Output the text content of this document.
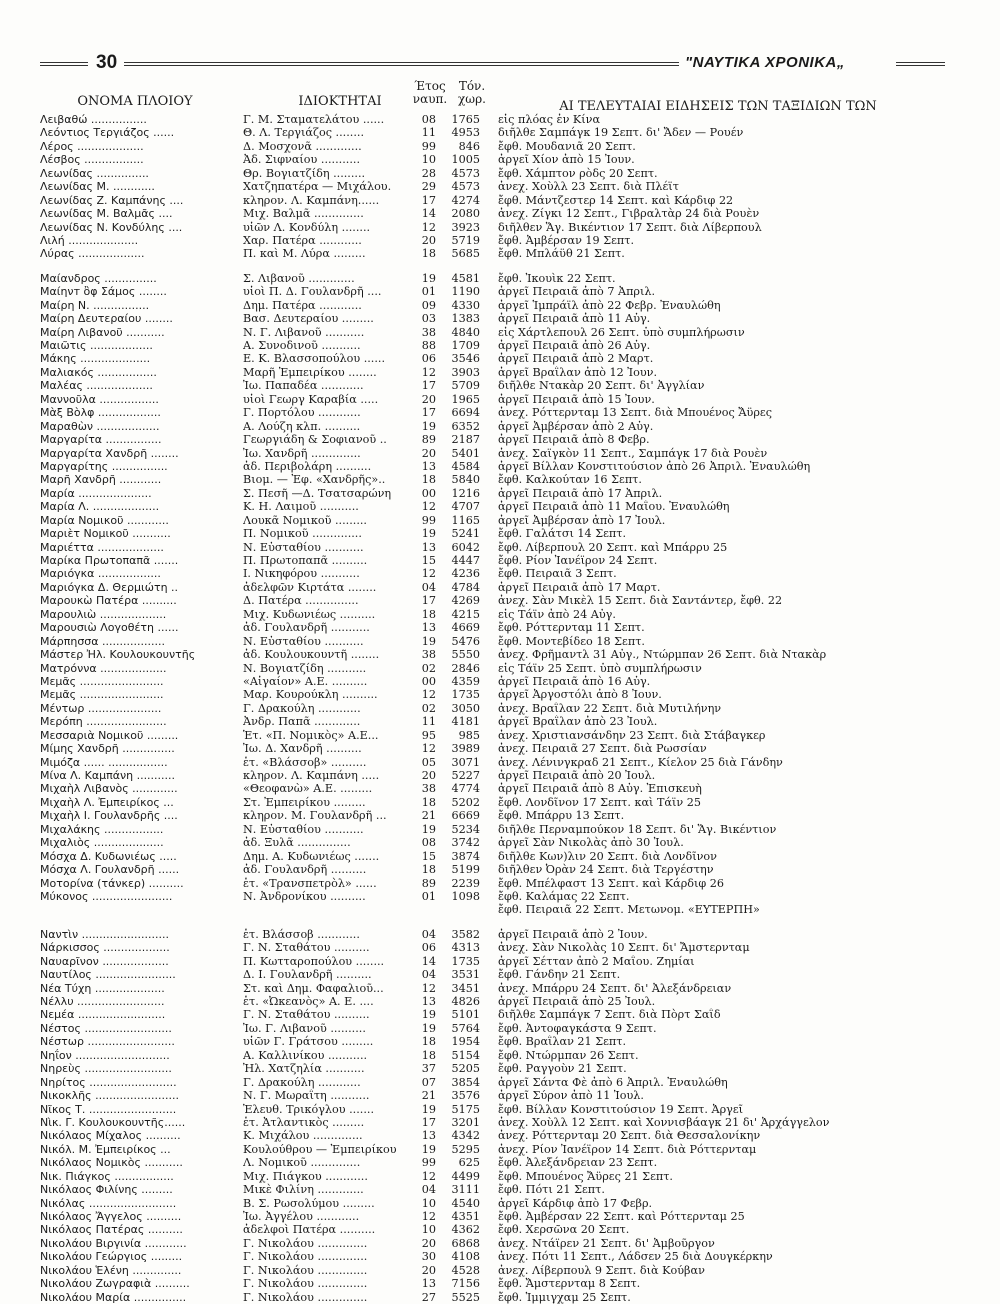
30	"ΝΑΥΤΙΚΑ ΧΡΟΝΙΚΑ„
ΟΝΟΜΑ ΠΛΟΙΟΥ	ΙΔΙΟΚΤΗΤΑΙ
Έτος
ναυπ.
Τόν.
χωρ.	ΑΙ ΤΕΛΕΥΤΑΙΑΙ ΕΙΔΗΣΕΙΣ ΤΩΝ ΤΑΞΙΔΙΩΝ ΤΩΝ
Λειβαθώ ................	Γ. Μ. Σταματελάτου ......	08	1765 εἰς πλόας ἐν Κίνα
Λεόντιος Τεργιάζος ......	Θ. Λ. Τεργιάζος ........	11	4953 διῆλθε Σαμπάγκ 19 Σεπτ. δι' Ἄδεν — Ρουέν
Λέρος ...................	Δ. Μοσχονᾶ .............	99	846 ἔφθ. Μουδανιᾶ 20 Σεπτ.
Λέσβος .................	Ἀδ. Σιφναίου ...........	10	1005 ἀργεῖ Χίον ἀπὸ 15 Ἰουν.
Λεωνίδας ...............	Θρ. Βογιατζίδη .........	28	4573 ἔφθ. Χάμπτον ρὸδς 20 Σεπτ.
Λεωνίδας Μ. ............	Χατζηπατέρα — Μιχάλου.	29	4573 ἀνεχ. Χοὺλλ 23 Σεπτ. διὰ Πλέϊτ
Λεωνίδας Ζ. Καμπάνης ....	κληρον. Λ. Καμπάνη......	17	4274 ἔφθ. Μάντζεστερ 14 Σεπτ. καὶ Κάρδιφ 22
Λεωνίδας Μ. Βαλμᾶς ....	Μιχ. Βαλμᾶ ..............	14	2080 ἀνεχ. Ζίγκι 12 Σεπτ., Γιβραλτὰρ 24 διὰ Ρουὲν
Λεωνίδας Ν. Κονδύλης ....	υἱῶν Λ. Κονδύλη ........	12	3923 διῆλθεν Ἅγ. Βικέντιον 17 Σεπτ. διὰ Λίβερπουλ
Λιλή ....................	Χαρ. Πατέρα ............	20	5719 ἔφθ. Ἀμβέρσαν 19 Σεπτ.
Λύρας ...................	Π. καὶ Μ. Λύρα .........	18	5685 ἔφθ. Μπλάϋθ 21 Σεπτ.
Μαίανδρος ...............	Σ. Λιβανοῦ .............	19	4581 ἔφθ. Ἰκουὶκ 22 Σεπτ.
Μαίηνт ὂφ Σάμος ........	υἱοὶ Π. Δ. Γουλανδρῆ ....	01	1190 ἀργεῖ Πειραιᾶ ἀπὸ 7 Ἀπριλ.
Μαίρη Ν. ................	Δημ. Πατέρα ............	09	4330 ἀργεῖ Ἱμπράϊλ ἀπὸ 22 Φεβρ. Ἐναυλώθη
Μαίρη Δευτεραίου ........	Βασ. Δευτεραίου .........	03	1383 ἀργεῖ Πειραιᾶ ἀπὸ 11 Αὐγ.
Μαίρη Λιβανοῦ ...........	Ν. Γ. Λιβανοῦ ...........	38	4840 εἰς Χάρτλεπουλ 26 Σεπτ. ὑπὸ συμπλήρωσιν
Μαιῶτις ..................	Α. Συνοδινοῦ ...........	88	1709 ἀργεῖ Πειραιᾶ ἀπὸ 26 Αὐγ.
Μάκης ....................	Ε. Κ. Βλασσοπούλου ......	06	3546 ἀργεῖ Πειραιᾶ ἀπὸ 2 Μαρτ.
Μαλιακός .................	Μαρῆ Ἐμπειρίκου ........	12	3903 ἀργεῖ Βραΐλαν ἀπὸ 12 Ἰουν.
Μαλέας ...................	Ἰω. Παπαδέα ............	17	5709 διῆλθε Ντακὰρ 20 Σεπτ. δι' Ἀγγλίαν
Μαννοῦλα .................	υἱοὶ Γεωργ Καραβία .....	20	1965 ἀργεῖ Πειραιᾶ ἀπὸ 15 Ἰουν.
Μὰξ Βὸλφ ..................	Γ. Πορτόλου ............	17	6694 ἀνεχ. Ρόττερνταμ 13 Σεπτ. διὰ Μπουένος Ἄϋρες
Μαραθὼν ..................	Α. Λούζη κλπ. ..........	19	6352 ἀργεῖ Ἀμβέρσαν ἀπὸ 2 Αὐγ.
Μαργαρίτα ................	Γεωργιάδη & Σοφιανοῦ ..	89	2187 ἀργεῖ Πειραιᾶ ἀπὸ 8 Φεβρ.
Μαργαρίτα Χανδρῆ ........	Ἰω. Χανδρῆ ..............	20	5401 ἀνεχ. Σαϊγκὸν 11 Σεπτ., Σαμπάγκ 17 διὰ Ρουὲν
Μαργαρίτης ................	ἀδ. Περιβολάρη ..........	13	4584 ἀργεῖ Βίλλαν Κονστιτούσιον ἀπὸ 26 Ἀπριλ. Ἐναυλώθη
Μαρῆ Χανδρῆ ............	Βιομ. — Ἐφ. «Χανδρῆς»..	18	5840 ἔφθ. Καλκούταν 16 Σεπτ.
Μαρία .....................	Σ. Πεσῆ —Δ. Τσατσαρώνη	00	1216 ἀργεῖ Πειραιᾶ ἀπὸ 17 Ἀπριλ.
Μαρία Λ. ...................	Κ. Η. Λαιμοῦ ...........	12	4707 ἀργεῖ Πειραιᾶ ἀπὸ 11 Μαΐου. Ἐναυλώθη
Μαρία Νομικοῦ ............	Λουκᾶ Νομικοῦ .........	99	1165 ἀργεῖ Ἀμβέρσαν ἀπὸ 17 Ἰουλ.
Μαριὲτ Νομικοῦ ...........	Π. Νομικοῦ ..............	19	5241 ἔφθ. Γαλάτσι 14 Σεπτ.
Μαριέττα ...................	Ν. Εὐσταθίου ...........	13	6042 ἔφθ. Λίβερπουλ 20 Σεπτ. καὶ Μπάρρυ 25
Μαρίκα Πρωτοπαπᾶ .......	Π. Πρωτοπαπᾶ ..........	15	4447 ἔφθ. Ρίον Ἰανέϊρον 24 Σεπτ.
Μαριόγκα ..................	Ι. Νικηφόρου ...........	12	4236 ἔφθ. Πειραιᾶ 3 Σεπτ.
Μαριόγκα Δ. Θερμιώτη ..	ἀδελφῶν Κιρτάτα ........	04	4784 ἀργεῖ Πειραιᾶ ἀπὸ 17 Μαρτ.
Μαρουκὼ Πατέρα ..........	Δ. Πατέρα ...............	17	4269 ἀνεχ. Σὰν Μικὲλ 15 Σεπτ. διὰ Σαντάντερ, ἔφθ. 22
Μαρουλιὼ ...................	Μιχ. Κυδωνιέως ..........	18	4215 εἰς Τάϊν ἀπὸ 24 Αὐγ.
Μαρουσιὼ Λογοθέτη ......	ἀδ. Γουλανδρῆ ...........	13	4669 ἔφθ. Ρόττερνταμ 11 Σεπτ.
Μάρπησσα ..................	Ν. Εὐσταθίου ...........	19	5476 ἔφθ. Μοντεβίδεο 18 Σεπτ.
Μάστερ Ἠλ. Κουλουκουντῆς	ἀδ. Κουλουκουντῆ ........	38	5550 ἀνεχ. Φρῆμαντλ 31 Αὐγ., Ντώρμπαν 26 Σεπτ. διὰ Ντακὰρ
Ματρόννα ...................	Ν. Βογιατζίδη ...........	02	2846 εἰς Τάϊν 25 Σεπτ. ὑπὸ συμπλήρωσιν
Μεμᾶς ........................	«Αἰγαίον» Α.Ε. ..........	00	4359 ἀργεῖ Πειραιᾶ ἀπὸ 16 Αὐγ.
Μεμᾶς ........................	Μαρ. Κουρούκλη ..........	12	1735 ἀργεῖ Ἀργοστόλι ἀπὸ 8 Ἰουν.
Μέντωρ .....................	Γ. Δρακούλη ............	02	3050 ἀνεχ. Βραΐλαν 22 Σεπτ. διὰ Μυτιλήνην
Μερόπη .......................	Ἀνδρ. Παπᾶ .............	11	4181 ἀργεῖ Βραΐλαν ἀπὸ 23 Ἰουλ.
Μεσσαριὰ Νομικοῦ .........	Ἑτ. «Π. Νομικὸς» Α.Ε...	95	985 ἀνεχ. Χριστιανσάνδην 23 Σεπτ. διὰ Στάβαγκερ
Μίμης Χανδρῆ ...............	Ἰω. Δ. Χανδρῆ ..........	12	3989 ἀνεχ. Πειραιᾶ 27 Σεπτ. διὰ Ρωσσίαν
Μιμόζα ...... .................	ἑτ. «Βλάσσοβ» ..........	05	3071 ἀνεχ. Λένινγκραδ 21 Σεπτ., Κίελον 25 διὰ Γάνδην
Μίνα Λ. Καμπάνη ...........	κληρον. Λ. Καμπάνη .....	20	5227 ἀργεῖ Πειραιᾶ ἀπὸ 20 Ἰουλ.
Μιχαὴλ Λιβανὸς .............	«Θεοφανὼ» Α.Ε. .........	38	4774 ἀργεῖ Πειραιᾶ ἀπὸ 8 Αὐγ. Ἐπισκευὴ
Μιχαὴλ Λ. Ἐμπειρίκος ...	Στ. Ἐμπειρίκου .........	18	5202 ἔφθ. Λονδῖνον 17 Σεπτ. καὶ Τάϊν 25
Μιχαὴλ Ι. Γουλανδρῆς ....	κληρον. Μ. Γουλανδρῆ ...	21	6669 ἔφθ. Μπάρρυ 13 Σεπτ.
Μιχαλάκης .................	Ν. Εὐσταθίου ...........	19	5234 διῆλθε Περναμπούκον 18 Σεπτ. δι' Ἅγ. Βικέντιον
Μιχαλιὸς ....................	ἀδ. Ξυλᾶ ...............	08	3742 ἀργεῖ Σὰν Νικολὰς ἀπὸ 30 Ἰουλ.
Μόσχα Δ. Κυδωνιέως .....	Δημ. Α. Κυδωνιέως .......	15	3874 διῆλθε Κων)λιν 20 Σεπτ. διὰ Λονδῖνον
Μόσχα Λ. Γουλανδρῆ ......	ἀδ. Γουλανδρῆ ..........	18	5199 διῆλθεν Ὀρὰν 24 Σεπτ. διὰ Τεργέστην
Μοτορίνα (τάνκερ) ..........	ἑτ. «Τρανσπετρὸλ» ......	89	2239 ἔφθ. Μπέλφαστ 13 Σεπτ. καὶ Κάρδιφ 26
Μύκονος .......................	Ν. Ἀνδρονίκου ..........	01	1098 ἔφθ. Καλάμας 22 Σεπτ.
ἔφθ. Πειραιᾶ 22 Σεπτ. Μετωνομ. «ΕΥΤΕΡΠΗ»
Ναντὶν .........................	ἑτ. Βλάσσοβ ............	04	3582 ἀργεῖ Πειραιᾶ ἀπὸ 2 Ἰουν.
Νάρκισσος ...................	Γ. Ν. Σταθάτου ..........	06	4313 ἀνεχ. Σὰν Νικολὰς 10 Σεπτ. δι' Ἄμστερνταμ
Ναυαρῖνον ...................	Π. Κωτταροπούλου ........	14	1735 ἀργεῖ Σέτταν ἀπὸ 2 Μαΐου. Ζημίαι
Ναυτίλος .......................	Δ. Ι. Γουλανδρῆ ..........	04	3531 ἔφθ. Γάνδην 21 Σεπτ.
Νέα Τύχη ....................	Στ. καὶ Δημ. Φαφαλιοῦ...	12	3451 ἀνεχ. Μπάρρυ 24 Σεπτ. δι' Ἀλεξάνδρειαν
Νέλλυ .........................	ἑτ. «Ὠκεανὸς» Α. Ε. ....	13	4826 ἀργεῖ Πειραιᾶ ἀπὸ 25 Ἰουλ.
Νεμέα .........................	Γ. Ν. Σταθάτου ..........	19	5101 διῆλθε Σαμπάγκ 7 Σεπτ. διὰ Πὸρτ Σαΐδ
Νέστος .........................	Ἰω. Γ. Λιβανοῦ ..........	19	5764 ἔφθ. Ἀντοφαγκάστα 9 Σεπτ.
Νέστωρ .........................	υἱῶν Γ. Γράτσου .........	18	1954 ἔφθ. Βραΐλαν 21 Σεπτ.
Νηΐον ...........................	Α. Καλλινίκου ...........	18	5154 ἔφθ. Ντώρμπαν 26 Σεπτ.
Νηρεὺς .........................	Ἠλ. Χατζηλία ...........	37	5205 ἔφθ. Ραγγοὺν 21 Σεπτ.
Νηρίτος .........................	Γ. Δρακούλη ............	07	3854 ἀργεῖ Σάντα Φὲ ἀπὸ 6 Ἀπριλ. Ἐναυλώθη
Νικοκλῆς ........................	Ν. Γ. Μωραΐτη ...........	21	3576 ἀργεῖ Σύρον ἀπὸ 11 Ἰουλ.
Νῖκος Τ. .........................	Ἐλευθ. Τρικόγλου .......	19	5175 ἔφθ. Βίλλαν Κονστιτούσιον 19 Σεπτ. Ἀργεῖ
Νὶκ. Γ. Κουλουκουντῆς......	ἑτ. Ἀτλαντικὸς .........	17	3201 ἀνεχ. Χοὺλλ 12 Σεπτ. καὶ Χοννισβάαγκ 21 δι' Ἀρχάγγελον
Νικόλαος Μίχαλος ..........	Κ. Μιχάλου ..............	13	4342 ἀνεχ. Ρόττερνταμ 20 Σεπτ. διὰ Θεσσαλονίκην
Νικόλ. Μ. Ἐμπειρίκος ...	Κουλούθρου — Ἐμπειρίκου	19	5295 ἀνεχ. Ρίον Ἰανέϊρον 14 Σεπτ. διὰ Ρόττερνταμ
Νικόλαος Νομικὸς ...........	Λ. Νομικοῦ ..............	99	625 ἔφθ. Ἀλεξάνδρειαν 23 Σεπτ.
Νικ. Πιάγκος .................	Μιχ. Πιάγκου ............	12	4499 ἔφθ. Μπουένος Ἄϋρες 21 Σεπτ.
Νικόλαος Φιλίνης .........	Μικὲ Φιλίνη .............	04	3111 ἔφθ. Πότι 21 Σεπτ.
Νικόλας .........................	Β. Σ. Ρωσολύμου .........	10	4540 ἀργεῖ Κάρδιφ ἀπὸ 17 Φεβρ.
Νικόλαος Ἄγγελος ..........	Ἰω. Ἀγγέλου ............	12	4351 ἔφθ. Ἀμβέρσαν 22 Σεπτ. καὶ Ρόττερνταμ 25
Νικόλαος Πατέρας ..........	ἀδελφοὶ Πατέρα ..........	10	4362 ἔφθ. Χερσῶνα 20 Σεπτ.
Νικολάου Βιργινία ............	Γ. Νικολάου ..............	20	6868 ἀνεχ. Ντάϊρεν 21 Σεπτ. δι' Ἀμβοῦργον
Νικολάου Γεώργιος .........	Γ. Νικολάου ..............	30	4108 ἀνεχ. Πότι 11 Σεπτ., Λάδσεν 25 διὰ Δουγκέρκην
Νικολάου Ἑλένη ..............	Γ. Νικολάου ..............	20	4528 ἀνεχ. Λίβερπουλ 9 Σεπτ. διὰ Κούβαν
Νικολάου Ζωγραφιὰ ..........	Γ. Νικολάου ..............	13	7156 ἔφθ. Ἄμστερνταμ 8 Σεπτ.
Νικολάου Μαρία ...............	Γ. Νικολάου ..............	27	5525 ἔφθ. Ἱμμιγχαμ 25 Σεπτ.
